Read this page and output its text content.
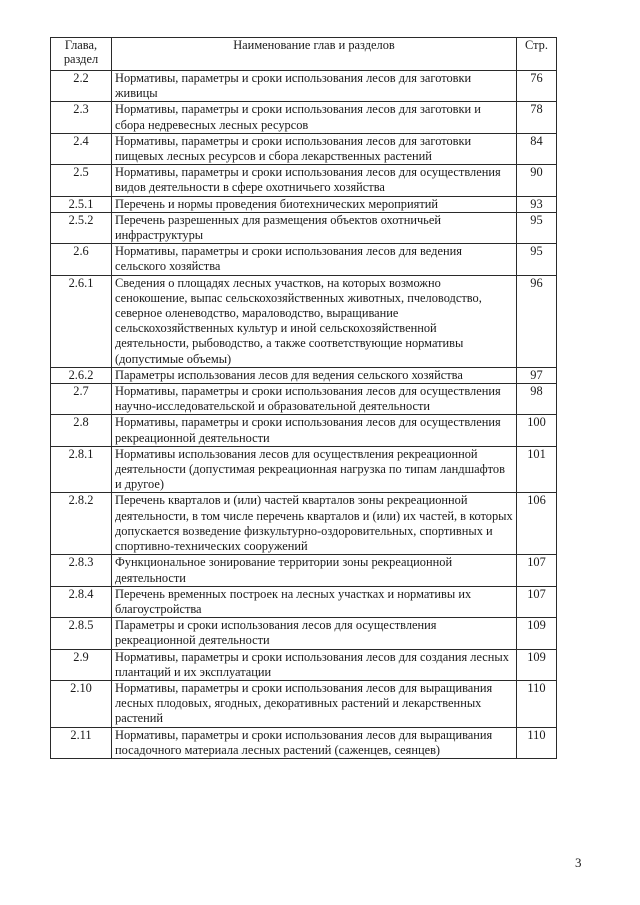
Глава, раздел	Наименование глав и разделов	Стр.
2.2	Нормативы, параметры и сроки использования лесов для заготовки живицы	76
2.3	Нормативы, параметры и сроки использования лесов для заготовки и сбора недревесных лесных ресурсов	78
2.4	Нормативы, параметры и сроки использования лесов для заготовки пищевых лесных ресурсов и сбора лекарственных растений	84
2.5	Нормативы, параметры и сроки использования лесов для осуществления видов деятельности в сфере охотничьего хозяйства	90
2.5.1	Перечень и нормы проведения биотехнических мероприятий	93
2.5.2	Перечень разрешенных для размещения объектов охотничьей инфраструктуры	95
2.6	Нормативы, параметры и сроки использования лесов для ведения сельского хозяйства	95
2.6.1	Сведения о площадях лесных участков, на которых возможно сенокошение, выпас сельскохозяйственных животных, пчеловодство, северное оленеводство, мараловодство, выращивание сельскохозяйственных культур и иной сельскохозяйственной деятельности, рыбоводство, а также соответствующие нормативы (допустимые объемы)	96
2.6.2	Параметры использования лесов для ведения сельского хозяйства	97
2.7	Нормативы, параметры и сроки использования лесов для осуществления научно-исследовательской и образовательной деятельности	98
2.8	Нормативы, параметры и сроки использования лесов для осуществления рекреационной деятельности	100
2.8.1	Нормативы использования лесов для осуществления рекреационной деятельности (допустимая рекреационная нагрузка по типам ландшафтов и другое)	101
2.8.2	Перечень кварталов и (или) частей кварталов зоны рекреационной деятельности, в том числе перечень кварталов и (или) их частей, в которых допускается возведение физкультурно-оздоровительных, спортивных и спортивно-технических сооружений	106
2.8.3	Функциональное зонирование территории зоны рекреационной деятельности	107
2.8.4	Перечень временных построек на лесных участках и нормативы их благоустройства	107
2.8.5	Параметры и сроки использования лесов для осуществления рекреационной деятельности	109
2.9	Нормативы, параметры и сроки использования лесов для создания лесных плантаций и их эксплуатации	109
2.10	Нормативы, параметры и сроки использования лесов для выращивания лесных плодовых, ягодных, декоративных растений и лекарственных растений	110
2.11	Нормативы, параметры и сроки использования лесов для выращивания посадочного материала лесных растений (саженцев, сеянцев)	110
3
